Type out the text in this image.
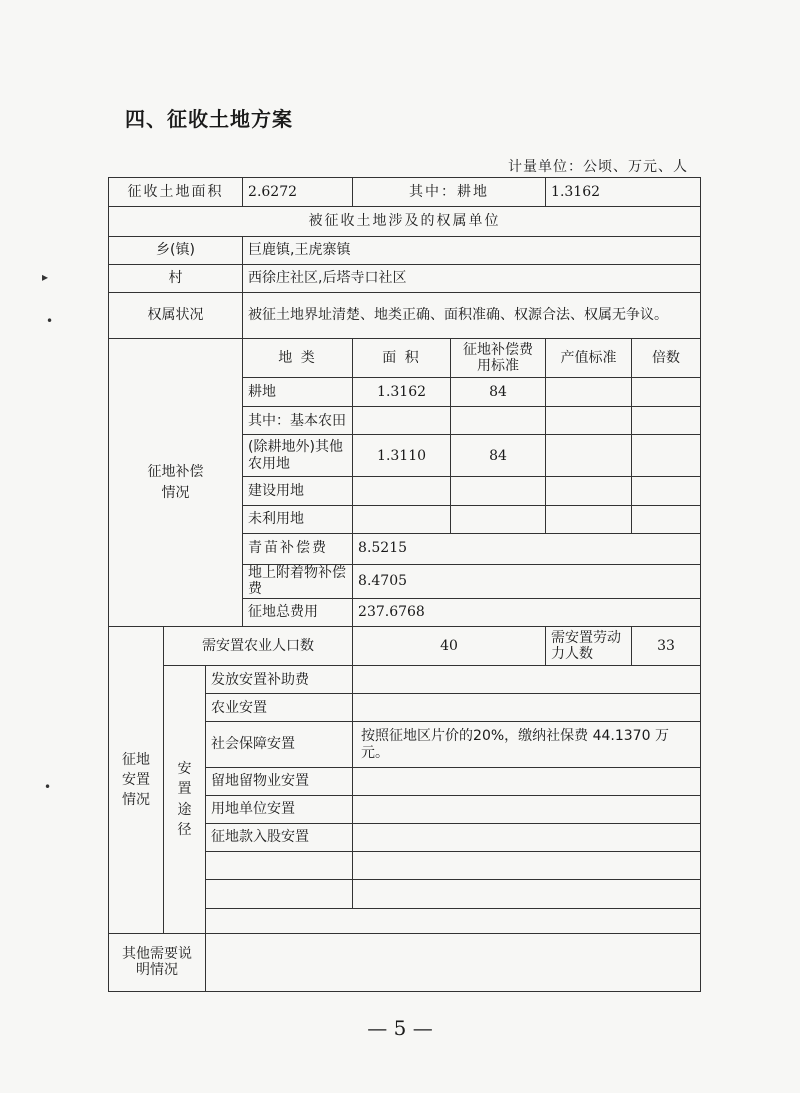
四、征收土地方案
计量单位：公顷、万元、人
征收土地面积			2.6272	其中：耕地		1.3162	
被征收土地涉及的权属单位							
乡(镇)			巨鹿镇,王虎寨镇				
村			西徐庄社区,后塔寺口社区				
权属状况			被征土地界址清楚、地类正确、面积准确、权源合法、权属无争议。				
征地补偿情况			地 类	面 积	征地补偿费用标准	产值标准	倍数
			耕地	1.3162	84		
			其中：基本农田				
			(除耕地外)其他农用地	1.3110	84		
			建设用地				
			未利用地				
			青苗补偿费	8.5215			
			地上附着物补偿费	8.4705			
			征地总费用	237.6768			
征地安置情况	需安置农业人口数			40		需安置劳动力人数	33
	安置途径	发放安置补助费					
		农业安置					
		社会保障安置		按照征地区片价的20%，缴纳社保费 44.1370 万元。			
		留地留物业安置					
		用地单位安置					
		征地款入股安置					

其他需要说明情况							
— 5 —
▸
•
•
